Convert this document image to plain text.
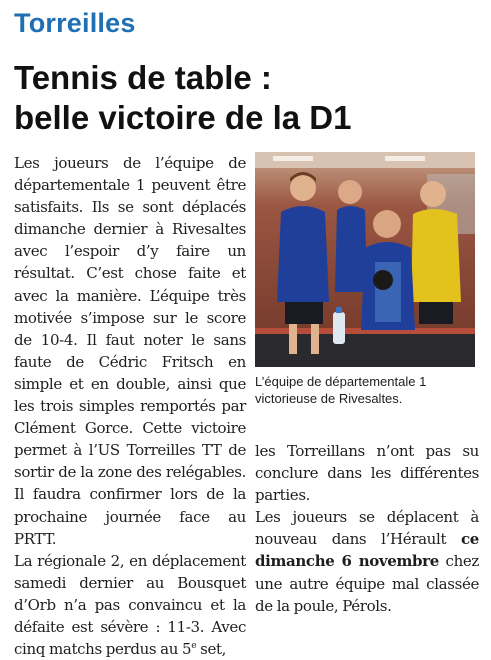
Torreilles
Tennis de table :
belle victoire de la D1

Les joueurs de l’équipe de départementale 1 peuvent être satisfaits. Ils se sont déplacés dimanche dernier à Rivesaltes avec l’espoir d’y faire un résultat. C’est chose faite et avec la manière. L’équipe très motivée s’impose sur le score de 10-4. Il faut noter le sans faute de Cédric Fritsch en simple et en double, ainsi que les trois simples remportés par Clément Gorce. Cette victoire permet à l’US Torreilles TT de sortir de la zone des relégables. Il faudra confirmer lors de la prochaine journée face au PRTT.

La régionale 2, en déplacement samedi dernier au Bousquet d’Orb n’a pas convaincu et la défaite est sévère : 11-3. Avec cinq matchs perdus au 5e set,

L’équipe de départementale 1 victorieuse de Rivesaltes.

les Torreillans n’ont pas su conclure dans les différentes parties.

Les joueurs se déplacent à nouveau dans l’Hérault ce dimanche 6 novembre chez une autre équipe mal classée de la poule, Pérols.
